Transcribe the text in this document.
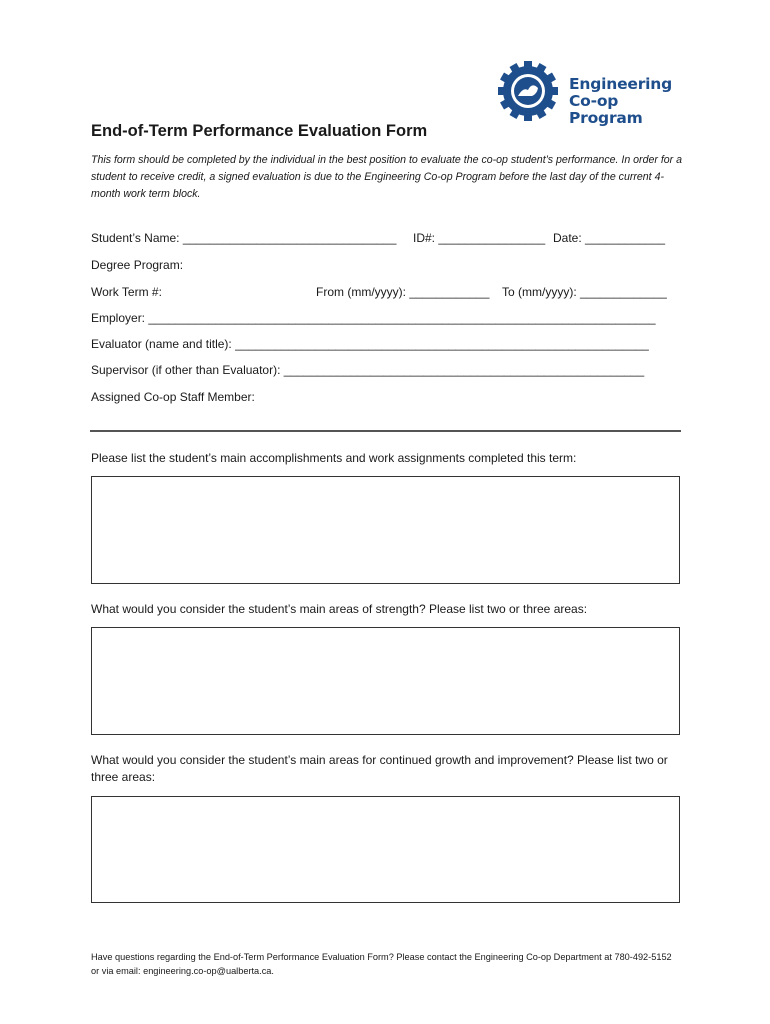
Engineering
Co-op Program
End-of-Term Performance Evaluation Form

This form should be completed by the individual in the best position to evaluate the co-op student’s performance. In order for a student to receive credit, a signed evaluation is due to the Engineering Co-op Program before the last day of the current 4-month work term block.

Student’s Name: ________________________________ ID#: ________________ Date: ____________

Degree Program:

Work Term #:	From (mm/yyyy): ____________ To (mm/yyyy): _____________

Employer: ____________________________________________________________________________

Evaluator (name and title): ______________________________________________________________

Supervisor (if other than Evaluator): ______________________________________________________

Assigned Co-op Staff Member:

Please list the student’s main accomplishments and work assignments completed this term:

What would you consider the student’s main areas of strength? Please list two or three areas:

What would you consider the student’s main areas for continued growth and improvement? Please list two or three areas:

Have questions regarding the End-of-Term Performance Evaluation Form? Please contact the Engineering Co-op Department at 780-492-5152 or via email: engineering.co-op@ualberta.ca.
